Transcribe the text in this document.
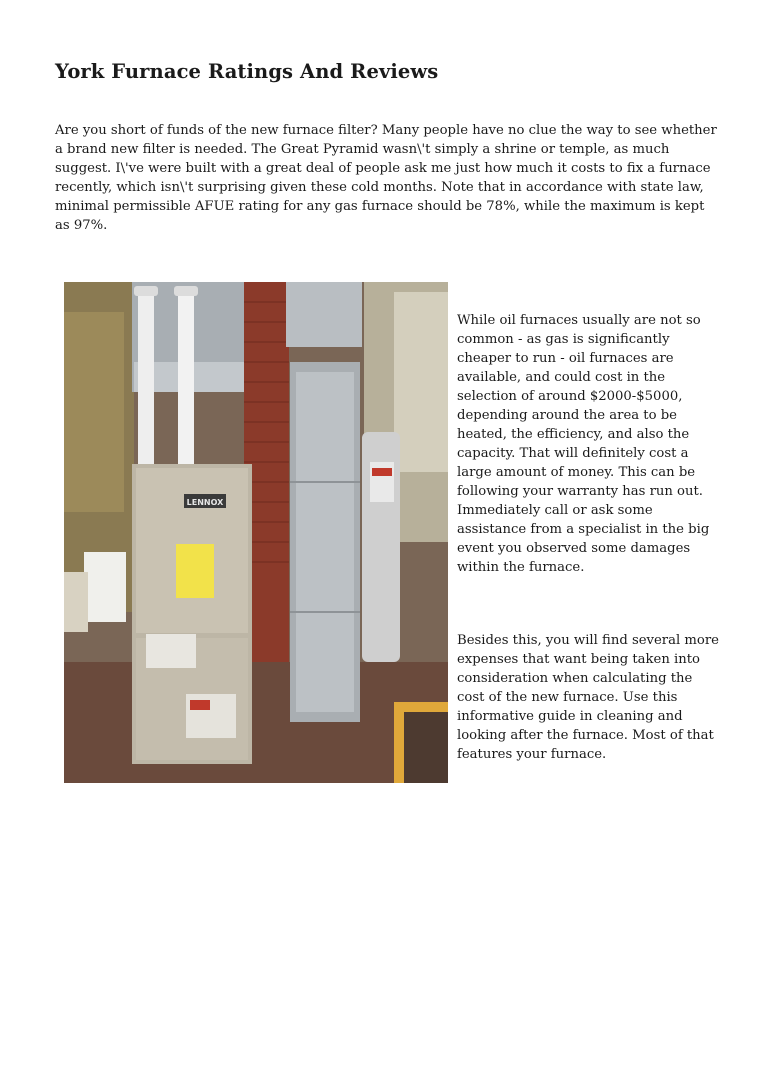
York Furnace Ratings And Reviews

Are you short of funds of the new furnace filter? Many people have no clue the way to see whether a brand new filter is needed. The Great Pyramid wasn\'t simply a shrine or temple, as much suggest. I\'ve were built with a great deal of people ask me just how much it costs to fix a furnace recently, which isn\'t surprising given these cold months. Note that in accordance with state law, minimal permissible AFUE rating for any gas furnace should be 78%, while the maximum is kept as 97%.

LENNOX

While oil furnaces usually are not so common - as gas is significantly cheaper to run - oil furnaces are available, and could cost in the selection of around $2000-$5000, depending around the area to be heated, the efficiency, and also the capacity. That will definitely cost a large amount of money. This can be following your warranty has run out. Immediately call or ask some assistance from a specialist in the big event you observed some damages within the furnace.

Besides this, you will find several more expenses that want being taken into consideration when calculating the cost of the new furnace. Use this informative guide in cleaning and looking after the furnace. Most of that features your furnace.
